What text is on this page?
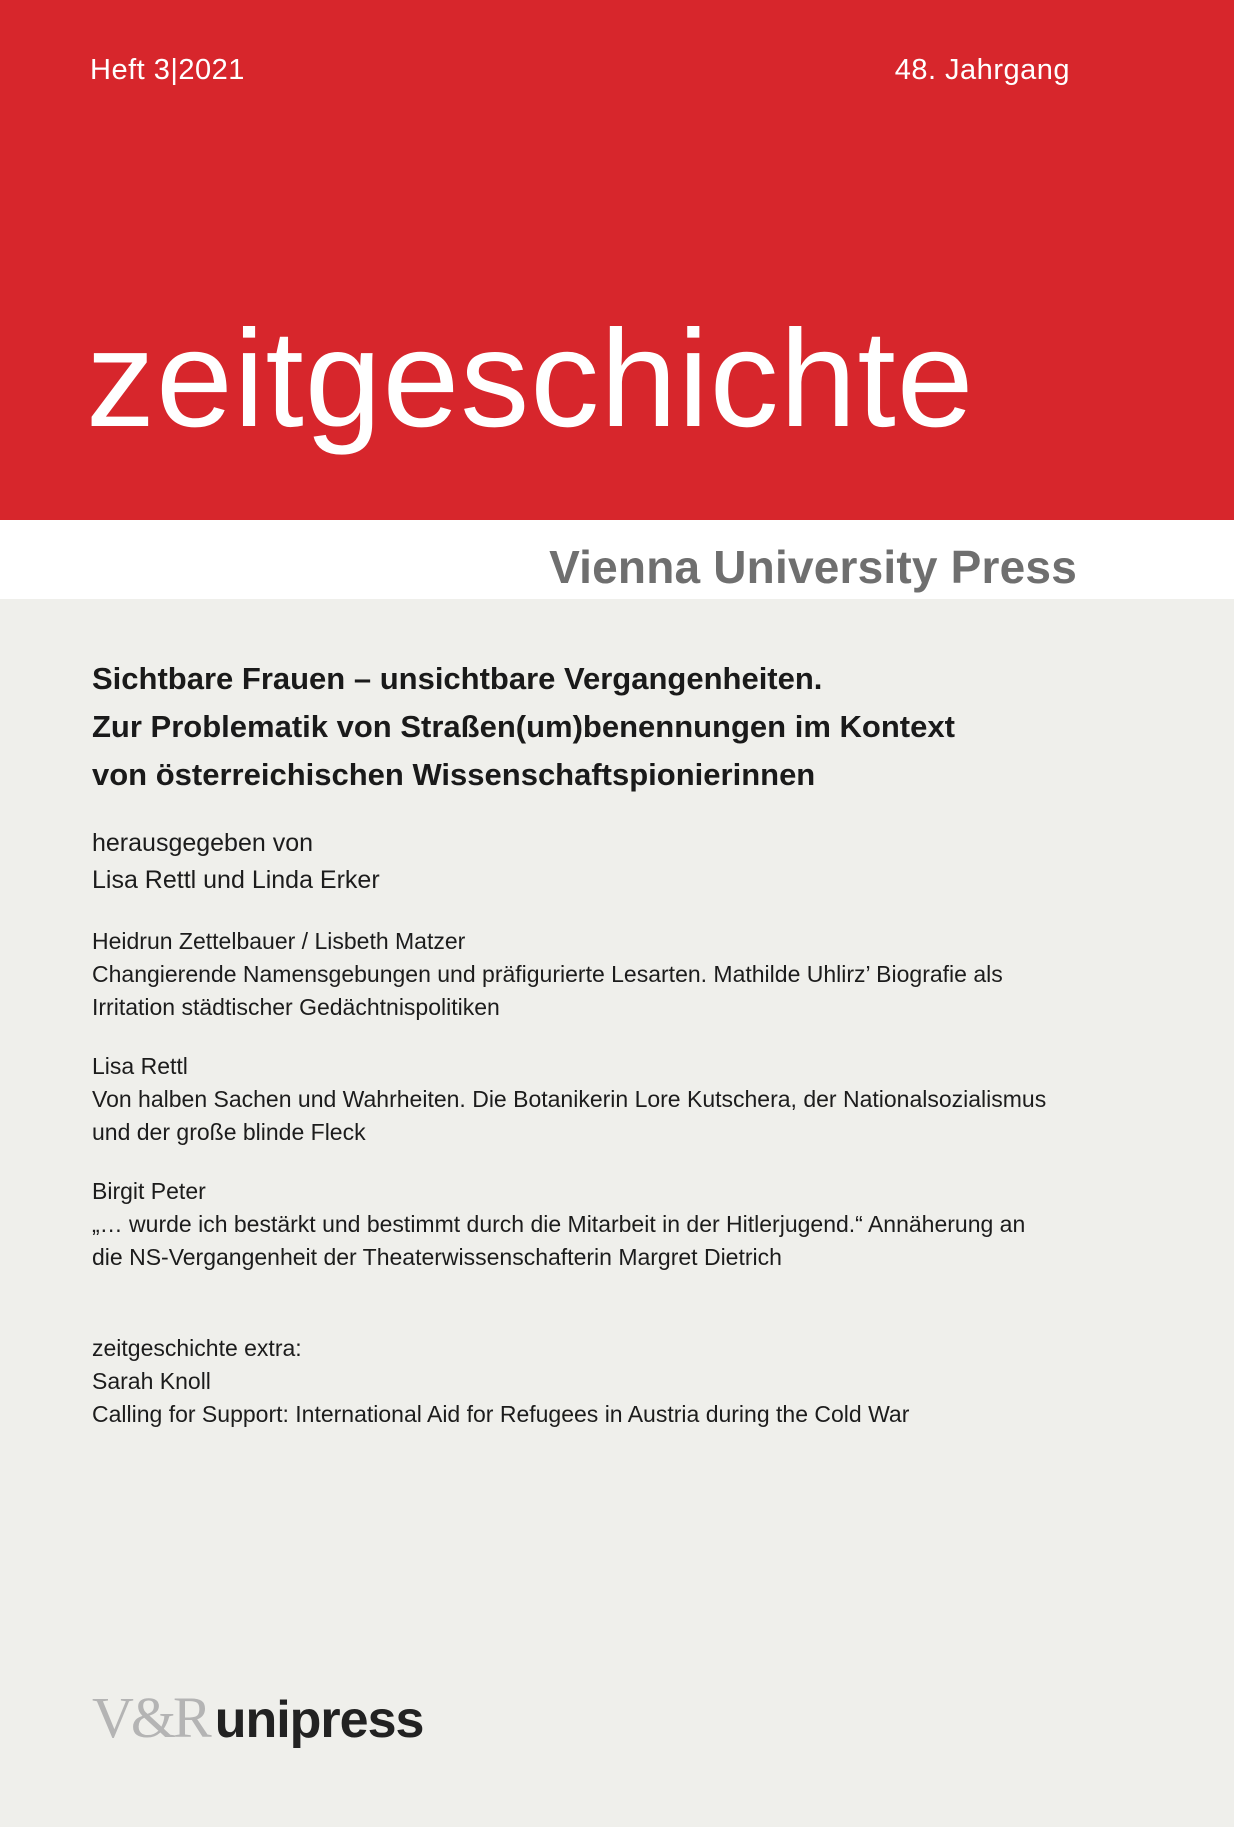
Heft 3|2021	48. Jahrgang
zeitgeschichte
Vienna University Press
Sichtbare Frauen – unsichtbare Vergangenheiten.
Zur Problematik von Straßen(um)benennungen im Kontext
von österreichischen Wissenschaftspionierinnen
herausgegeben von
Lisa Rettl und Linda Erker
Heidrun Zettelbauer / Lisbeth Matzer
Changierende Namensgebungen und präfigurierte Lesarten. Mathilde Uhlirz’ Biografie als
Irritation städtischer Gedächtnispolitiken
Lisa Rettl
Von halben Sachen und Wahrheiten. Die Botanikerin Lore Kutschera, der Nationalsozialismus
und der große blinde Fleck
Birgit Peter
„… wurde ich bestärkt und bestimmt durch die Mitarbeit in der Hitlerjugend.“ Annäherung an
die NS-Vergangenheit der Theaterwissenschafterin Margret Dietrich
zeitgeschichte extra:
Sarah Knoll
Calling for Support: International Aid for Refugees in Austria during the Cold War
V&R unipress
